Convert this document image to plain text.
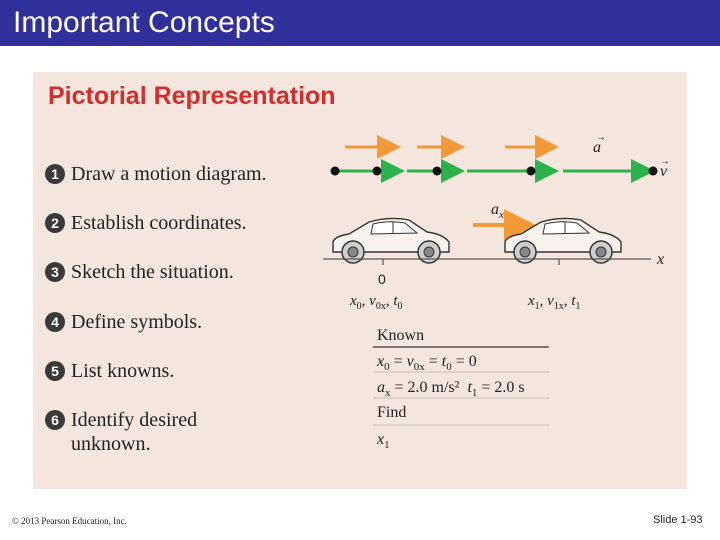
Important Concepts
Pictorial Representation
1 Draw a motion diagram.
2 Establish coordinates.
3 Sketch the situation.
4 Define symbols.
5 List knowns.
6 Identify desired
unknown.
a
→
v
→
$a_x$
x
0
$x_0$, $v_{0x}$, $t_0$	$x_1$, $v_{1x}$, $t_1$
Known
$x_0 = v_{0x} = t_0 = 0$
$a_x = 2.0$ m/s² $t_1 = 2.0$ s
Find
$x_1$
© 2013 Pearson Education, Inc.	Slide 1-93
